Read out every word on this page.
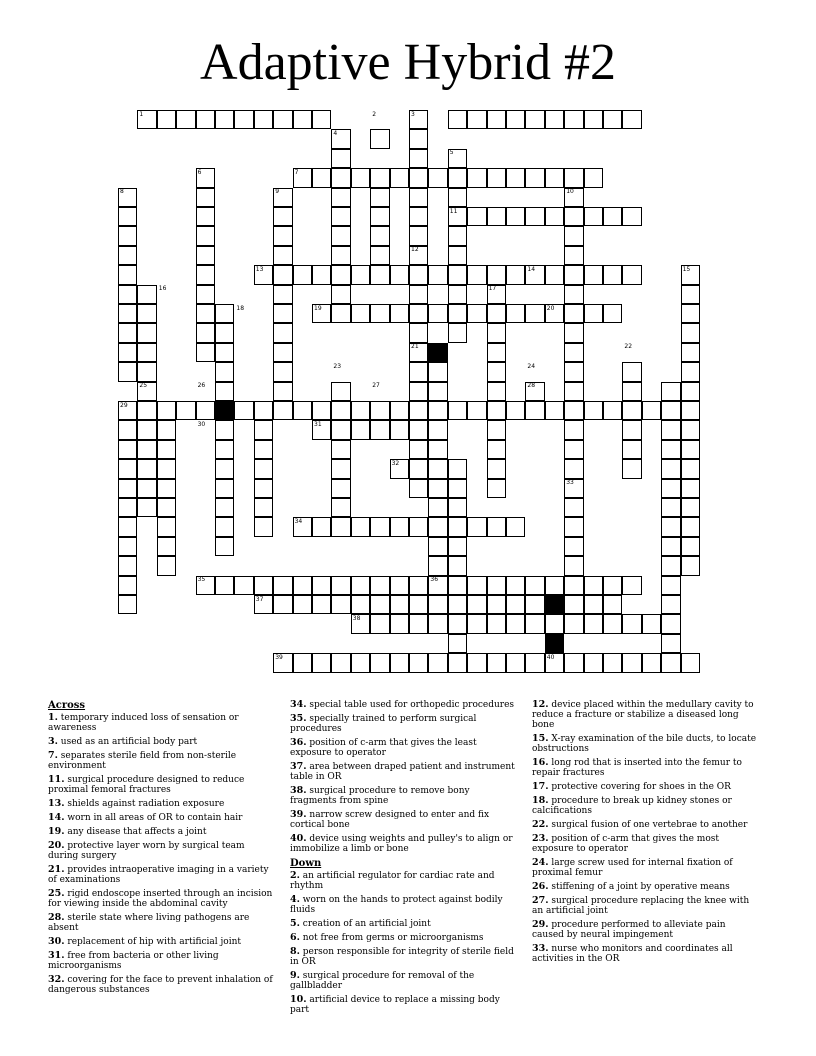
Adaptive Hybrid #2
1	2	3
4
5
6	7
8	9	10
11
12
13	14	15
16	17
18	19	20
21	22
23	24
25	26	27	28
29
30	31
32
33
34
35	36
37
38
39	40
Across
1. temporary induced loss of sensation or awareness
3. used as an artificial body part
7. separates sterile field from non-sterile environment
11. surgical procedure designed to reduce proximal femoral fractures
13. shields against radiation exposure
14. worn in all areas of OR to contain hair
19. any disease that affects a joint
20. protective layer worn by surgical team during surgery
21. provides intraoperative imaging in a variety of examinations
25. rigid endoscope inserted through an incision for viewing inside the abdominal cavity
28. sterile state where living pathogens are absent
30. replacement of hip with artificial joint
31. free from bacteria or other living microorganisms
32. covering for the face to prevent inhalation of dangerous substances
34. special table used for orthopedic procedures
35. specially trained to perform surgical procedures
36. position of c-arm that gives the least exposure to operator
37. area between draped patient and instrument table in OR
38. surgical procedure to remove bony fragments from spine
39. narrow screw designed to enter and fix cortical bone
40. device using weights and pulley's to align or immobilize a limb or bone
Down
2. an artificial regulator for cardiac rate and rhythm
4. worn on the hands to protect against bodily fluids
5. creation of an artificial joint
6. not free from germs or microorganisms
8. person responsible for integrity of sterile field in OR
9. surgical procedure for removal of the gallbladder
10. artificial device to replace a missing body part
12. device placed within the medullary cavity to reduce a fracture or stabilize a diseased long bone
15. X-ray examination of the bile ducts, to locate obstructions
16. long rod that is inserted into the femur to repair fractures
17. protective covering for shoes in the OR
18. procedure to break up kidney stones or calcifications
22. surgical fusion of one vertebrae to another
23. position of c-arm that gives the most exposure to operator
24. large screw used for internal fixation of proximal femur
26. stiffening of a joint by operative means
27. surgical procedure replacing the knee with an artificial joint
29. procedure performed to alleviate pain caused by neural impingement
33. nurse who monitors and coordinates all activities in the OR
